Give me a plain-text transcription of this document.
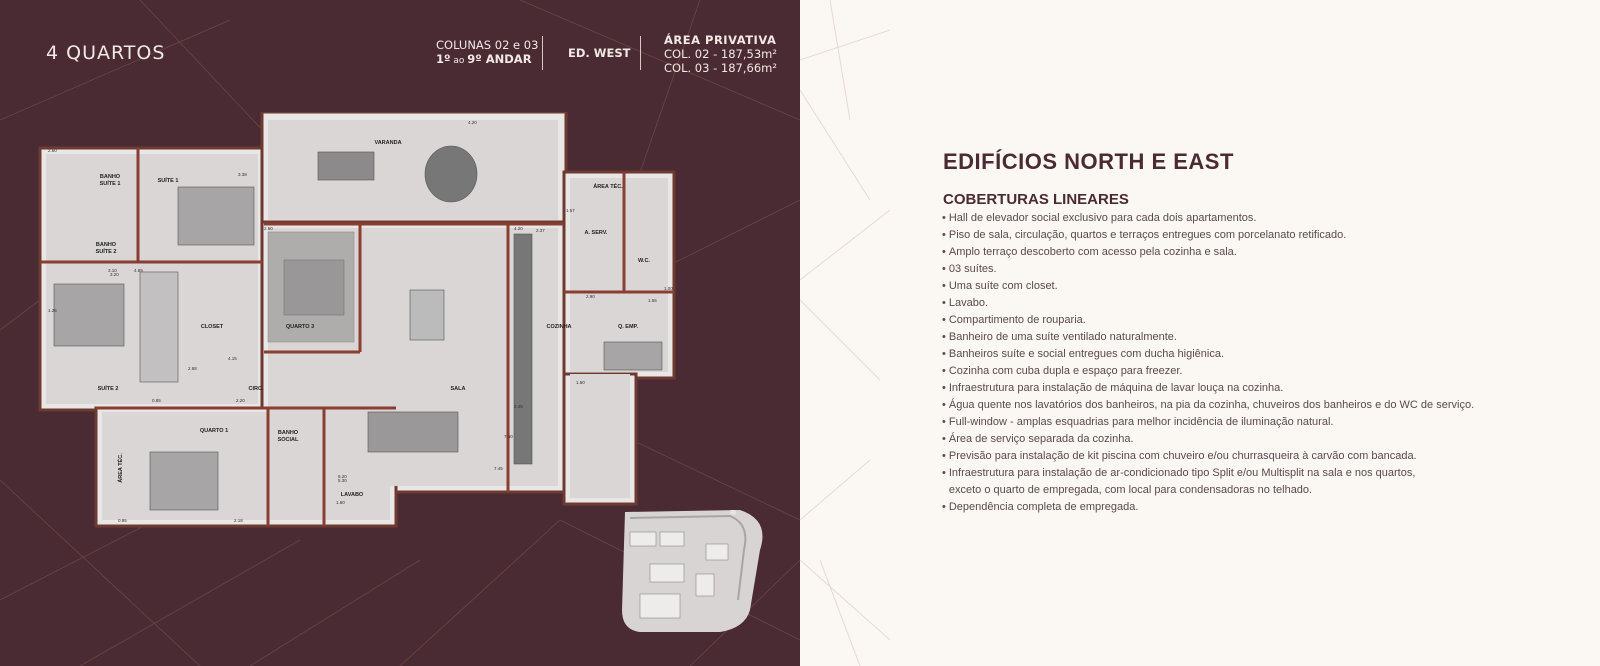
4 QUARTOS	COLUNAS 02 e 03
1º ao 9º ANDAR	ED. WEST
ÁREA PRIVATIVA
COL. 02 - 187,53m²
COL. 03 - 187,66m²
VARANDA
BANHO
SUÍTE 1	SUÍTE 1
BANHO
SUÍTE 2
CLOSET	QUARTO 3
SUÍTE 2	CIRC.	SALA
QUARTO 1
ÁREA TÉC.
BANHO
SOCIAL
LAVABO
COZINHA
ÁREA TÉC.
A. SERV.
W.C.
Q. EMP.
2.60
3.10
3.20
4.20	2.37
1.50
2.88
4.15
5.30
4.20
1.60
2.45
1.57
2.90
1.00
1.55
0.85	2.20
5.20
7.45
7.60
4.89
3.38
2.50
1.25
0.95	2.18
EDIFÍCIOS NORTH E EAST
COBERTURAS LINEARES
• Hall de elevador social exclusivo para cada dois apartamentos.
• Piso de sala, circulação, quartos e terraços entregues com porcelanato retificado.
• Amplo terraço descoberto com acesso pela cozinha e sala.
• 03 suítes.
• Uma suíte com closet.
• Lavabo.
• Compartimento de rouparia.
• Banheiro de uma suíte ventilado naturalmente.
• Banheiros suíte e social entregues com ducha higiênica.
• Cozinha com cuba dupla e espaço para freezer.
• Infraestrutura para instalação de máquina de lavar louça na cozinha.
• Água quente nos lavatórios dos banheiros, na pia da cozinha, chuveiros dos banheiros e do WC de serviço.
• Full-window - amplas esquadrias para melhor incidência de iluminação natural.
• Área de serviço separada da cozinha.
• Previsão para instalação de kit piscina com chuveiro e/ou churrasqueira à carvão com bancada.
• Infraestrutura para instalação de ar-condicionado tipo Split e/ou Multisplit na sala e nos quartos,
exceto o quarto de empregada, com local para condensadoras no telhado.
• Dependência completa de empregada.
